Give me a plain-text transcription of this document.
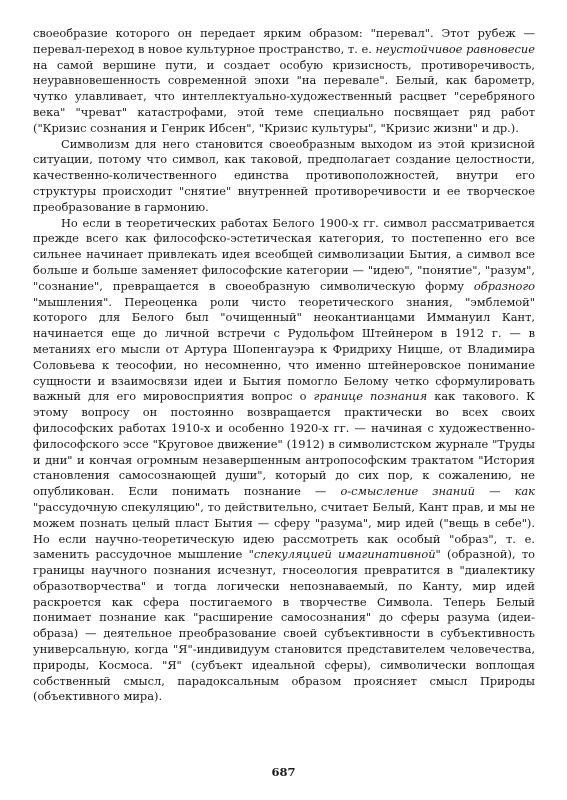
своеобразие которого он передает ярким образом: "перевал". Этот рубеж — перевал-переход в новое культурное пространство, т. е. неустойчивое равновесие на самой вершине пути, и создает особую кризисность, противоречивость, неуравновешенность современной эпохи "на перевале". Белый, как барометр, чутко улавливает, что интеллектуально-художественный расцвет "серебряного века" "чреват" катастрофами, этой теме специально посвящает ряд работ ("Кризис сознания и Генрик Ибсен", "Кризис культуры", "Кризис жизни" и др.).

Символизм для него становится своеобразным выходом из этой кризисной ситуации, потому что символ, как таковой, предполагает создание целостности, качественно-количественного единства противоположностей, внутри его структуры происходит "снятие" внутренней противоречивости и ее творческое преобразование в гармонию.

Но если в теоретических работах Белого 1900-х гг. символ рассматривается прежде всего как философско-эстетическая категория, то постепенно его все сильнее начинает привлекать идея всеобщей символизации Бытия, а символ все больше и больше заменяет философские категории — "идею", "понятие", "разум", "сознание", превращается в своеобразную символическую форму образного "мышления". Переоценка роли чисто теоретического знания, "эмблемой" которого для Белого был "очищенный" неокантианцами Иммануил Кант, начинается еще до личной встречи с Рудольфом Штейнером в 1912 г. — в метаниях его мысли от Артура Шопенгауэра к Фридриху Ницше, от Владимира Соловьева к теософии, но несомненно, что именно штейнеровское понимание сущности и взаимосвязи идеи и Бытия помогло Белому четко сформулировать важный для его мировосприятия вопрос о границе познания как такового. К этому вопросу он постоянно возвращается практически во всех своих философских работах 1910-х и особенно 1920-х гг. — начиная с художественно-философского эссе "Круговое движение" (1912) в символистском журнале "Труды и дни" и кончая огромным незавершенным антропософским трактатом "История становления самосознающей души", который до сих пор, к сожалению, не опубликован. Если понимать познание — о-смысление знаний — как "рассудочную спекуляцию", то действительно, считает Белый, Кант прав, и мы не можем познать целый пласт Бытия — сферу "разума", мир идей ("вещь в себе"). Но если научно-теоретическую идею рассмотреть как особый "образ", т. е. заменить рассудочное мышление "спекуляцией имагинативной" (образной), то границы научного познания исчезнут, гносеология превратится в "диалектику образотворчества" и тогда логически непознаваемый, по Канту, мир идей раскроется как сфера постигаемого в творчестве Символа. Теперь Белый понимает познание как "расширение самосознания" до сферы разума (идеи-образа) — деятельное преобразование своей субъективности в субъективность универсальную, когда "Я"-индивидуум становится представителем человечества, природы, Космоса. "Я" (субъект идеальной сферы), символически воплощая собственный смысл, парадоксальным образом проясняет смысл Природы (объективного мира).

687
